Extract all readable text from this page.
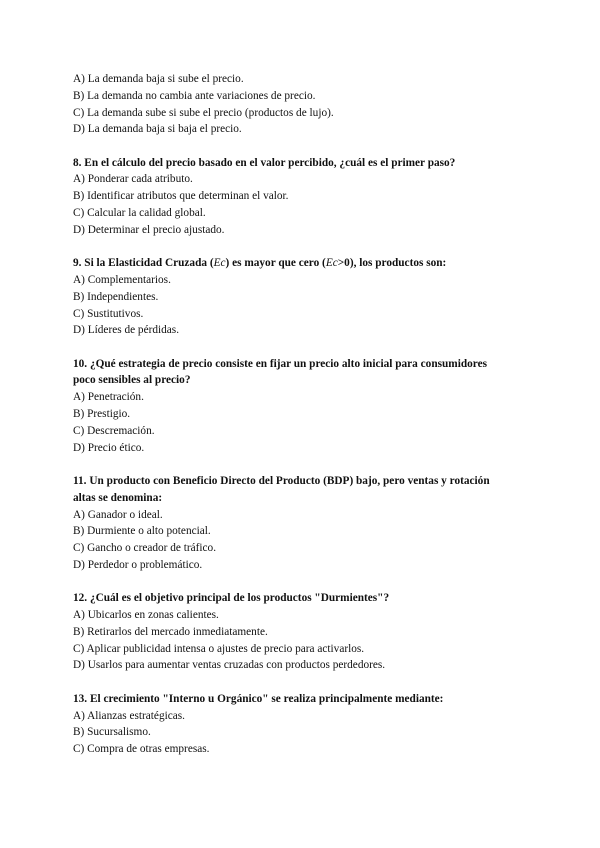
A) La demanda baja si sube el precio.
B) La demanda no cambia ante variaciones de precio.
C) La demanda sube si sube el precio (productos de lujo).
D) La demanda baja si baja el precio.

8. En el cálculo del precio basado en el valor percibido, ¿cuál es el primer paso?

A) Ponderar cada atributo.
B) Identificar atributos que determinan el valor.
C) Calcular la calidad global.
D) Determinar el precio ajustado.

9. Si la Elasticidad Cruzada (Ec) es mayor que cero (Ec>0), los productos son:

A) Complementarios.
B) Independientes.
C) Sustitutivos.
D) Líderes de pérdidas.

10. ¿Qué estrategia de precio consiste en fijar un precio alto inicial para consumidores
poco sensibles al precio?

A) Penetración.
B) Prestigio.
C) Descremación.
D) Precio ético.

11. Un producto con Beneficio Directo del Producto (BDP) bajo, pero ventas y rotación
altas se denomina:

A) Ganador o ideal.
B) Durmiente o alto potencial.
C) Gancho o creador de tráfico.
D) Perdedor o problemático.

12. ¿Cuál es el objetivo principal de los productos "Durmientes"?

A) Ubicarlos en zonas calientes.
B) Retirarlos del mercado inmediatamente.
C) Aplicar publicidad intensa o ajustes de precio para activarlos.
D) Usarlos para aumentar ventas cruzadas con productos perdedores.

13. El crecimiento "Interno u Orgánico" se realiza principalmente mediante:

A) Alianzas estratégicas.
B) Sucursalismo.
C) Compra de otras empresas.
